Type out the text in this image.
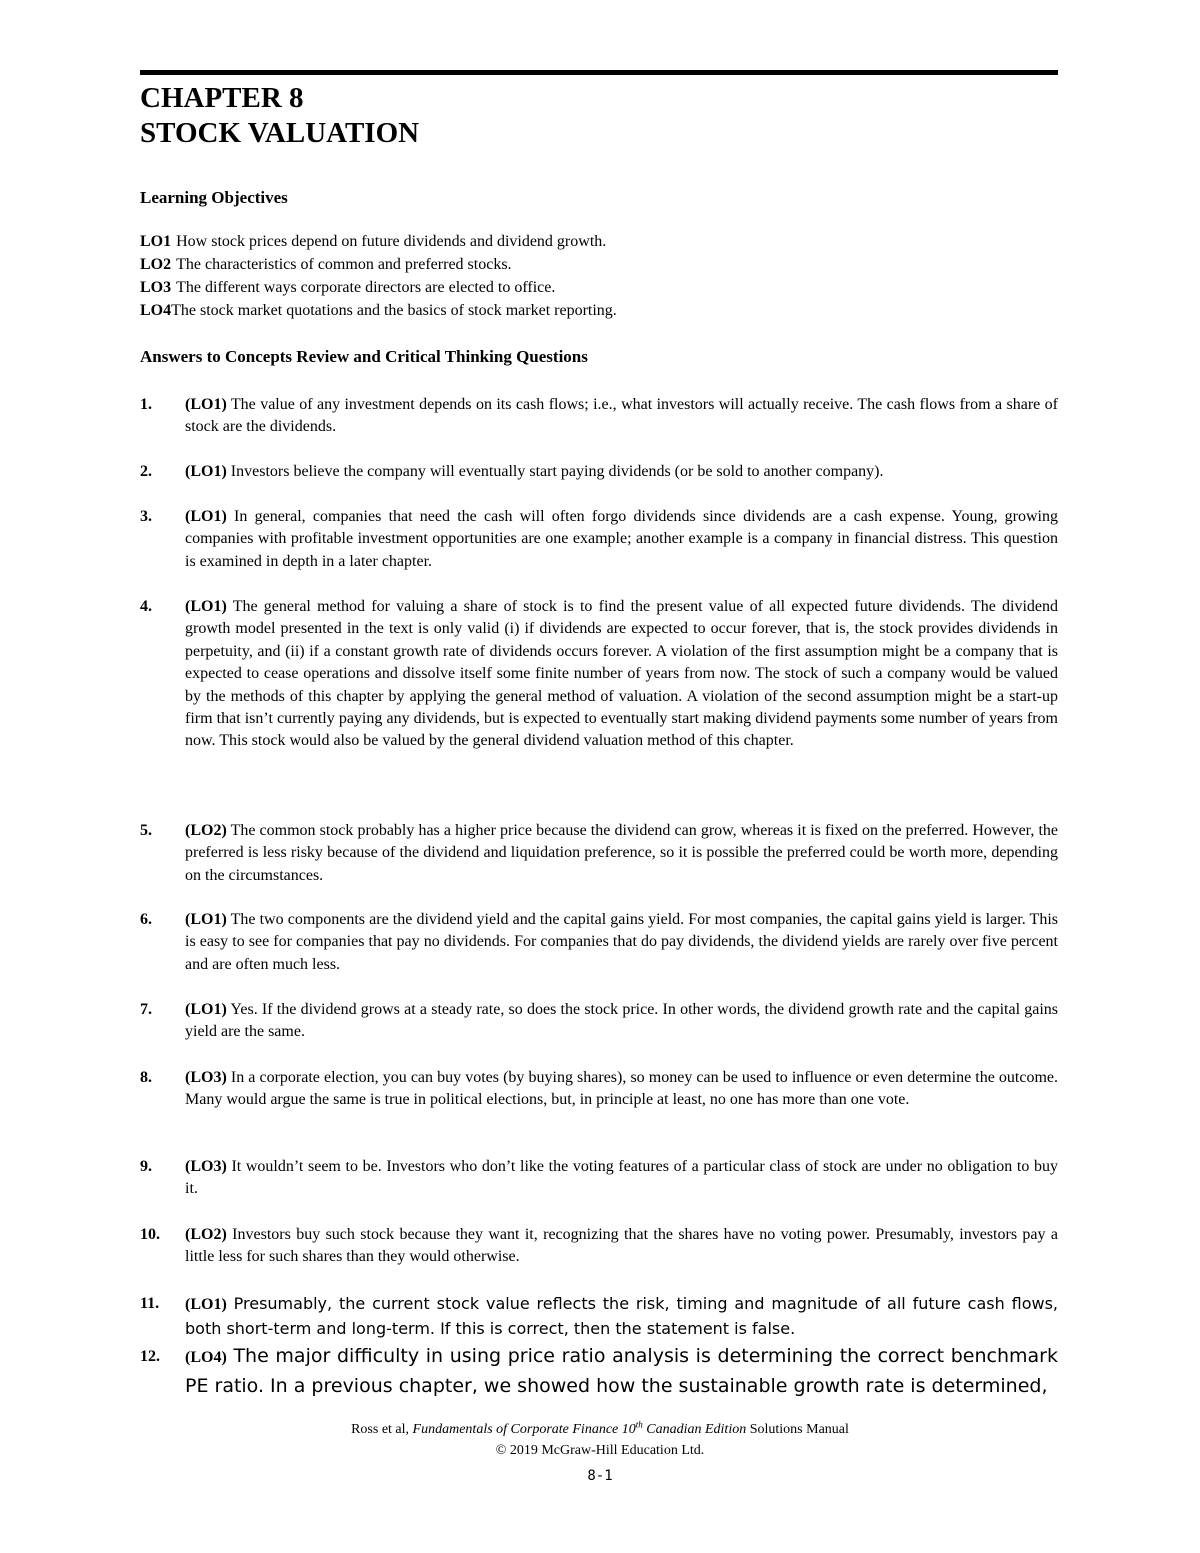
CHAPTER 8
STOCK VALUATION
Learning Objectives
LO1 How stock prices depend on future dividends and dividend growth.
LO2 The characteristics of common and preferred stocks.
LO3 The different ways corporate directors are elected to office.
LO4The stock market quotations and the basics of stock market reporting.
Answers to Concepts Review and Critical Thinking Questions
1. (LO1) The value of any investment depends on its cash flows; i.e., what investors will actually receive. The cash flows from a share of stock are the dividends.
2. (LO1) Investors believe the company will eventually start paying dividends (or be sold to another company).
3. (LO1) In general, companies that need the cash will often forgo dividends since dividends are a cash expense. Young, growing companies with profitable investment opportunities are one example; another example is a company in financial distress. This question is examined in depth in a later chapter.
4. (LO1) The general method for valuing a share of stock is to find the present value of all expected future dividends. The dividend growth model presented in the text is only valid (i) if dividends are expected to occur forever, that is, the stock provides dividends in perpetuity, and (ii) if a constant growth rate of dividends occurs forever. A violation of the first assumption might be a company that is expected to cease operations and dissolve itself some finite number of years from now. The stock of such a company would be valued by the methods of this chapter by applying the general method of valuation. A violation of the second assumption might be a start-up firm that isn’t currently paying any dividends, but is expected to eventually start making dividend payments some number of years from now. This stock would also be valued by the general dividend valuation method of this chapter.
5. (LO2) The common stock probably has a higher price because the dividend can grow, whereas it is fixed on the preferred. However, the preferred is less risky because of the dividend and liquidation preference, so it is possible the preferred could be worth more, depending on the circumstances.
6. (LO1) The two components are the dividend yield and the capital gains yield. For most companies, the capital gains yield is larger. This is easy to see for companies that pay no dividends. For companies that do pay dividends, the dividend yields are rarely over five percent and are often much less.
7. (LO1) Yes. If the dividend grows at a steady rate, so does the stock price. In other words, the dividend growth rate and the capital gains yield are the same.
8. (LO3) In a corporate election, you can buy votes (by buying shares), so money can be used to influence or even determine the outcome. Many would argue the same is true in political elections, but, in principle at least, no one has more than one vote.
9. (LO3) It wouldn’t seem to be. Investors who don’t like the voting features of a particular class of stock are under no obligation to buy it.
10. (LO2) Investors buy such stock because they want it, recognizing that the shares have no voting power. Presumably, investors pay a little less for such shares than they would otherwise.
11. (LO1) Presumably, the current stock value reflects the risk, timing and magnitude of all future cash flows, both short-term and long-term. If this is correct, then the statement is false.
12. (LO4) The major difficulty in using price ratio analysis is determining the correct benchmark PE ratio. In a previous chapter, we showed how the sustainable growth rate is determined,
Ross et al, Fundamentals of Corporate Finance 10th Canadian Edition Solutions Manual
© 2019 McGraw-Hill Education Ltd.
8-1
